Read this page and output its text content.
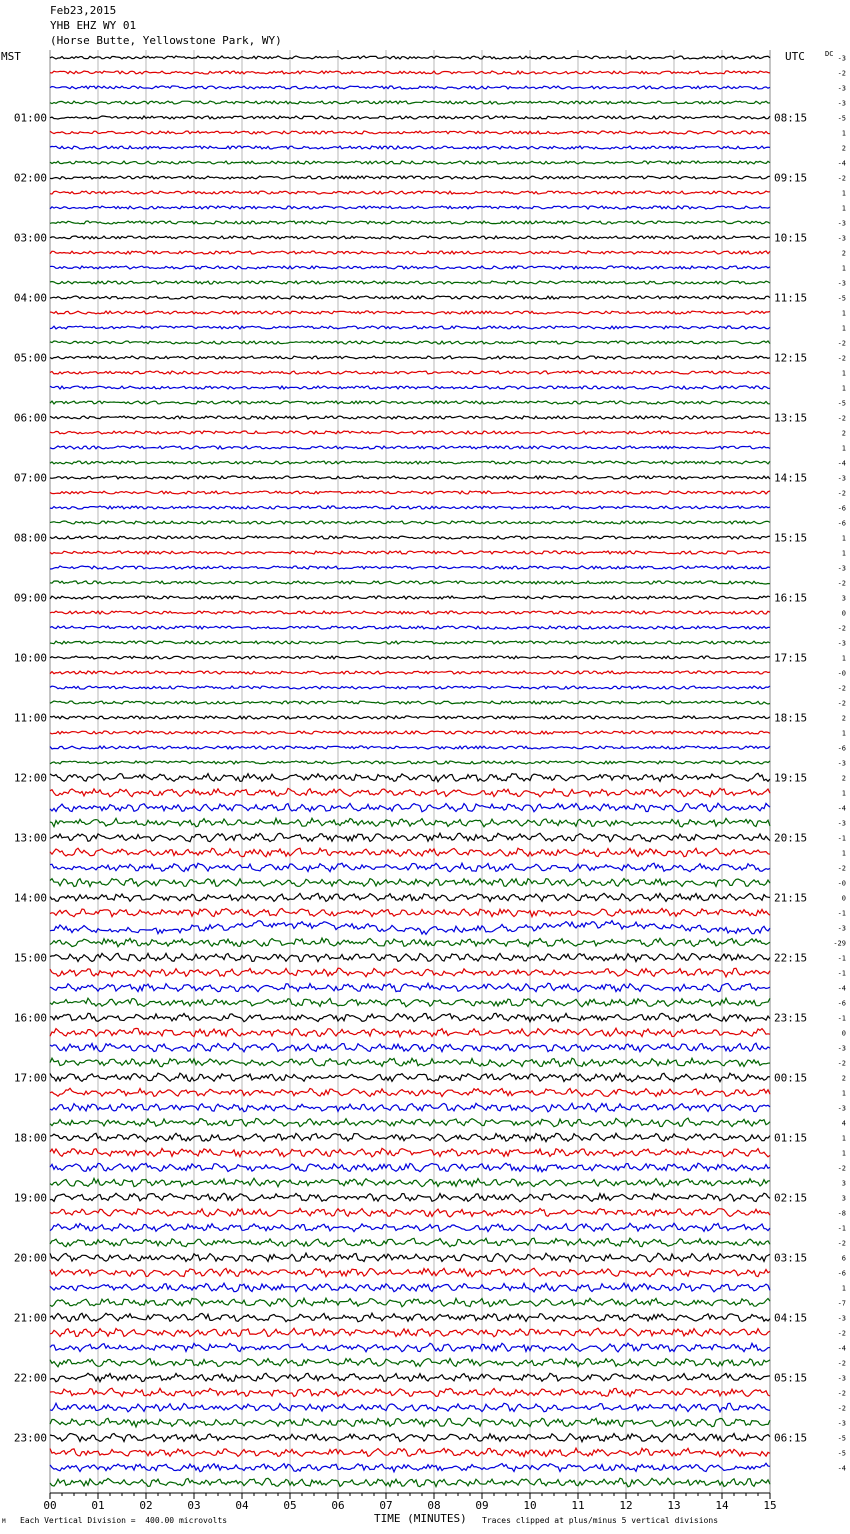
Feb23,2015
YHB EHZ WY 01
(Horse Butte, Yellowstone Park, WY)
MST	UTC	DC
00	01	02	03	04	05	06	07	08	09	10	11	12	13	14	15
-3
-2
-3
-3
-5
1
2
-4
-2
1
1
-3
-3
2
1
-3
-5
1
1
-2
-2
1
1
-5
-2
2
1
-4
-3
-2
-6
-6
1
1
-3
-2
3
0
-2
-3
1
-0
-2
-2
2
1
-6
-3
2
1
-4
-3
-1
1
-2
-0
0
-1
-3
-29
-1
-1
-4
-6
-1
0
-3
-2
2
1
-3
4
1
1
-2
3
3
-8
-1
-2
6
-6
1
-7
-3
-2
-4
-2
-3
-2
-2
-3
-5
-5
-4
01:00
02:00
03:00
04:00
05:00
06:00
07:00
08:00
09:00
10:00
11:00
12:00
13:00
14:00
15:00
16:00
17:00
18:00
19:00
20:00
21:00
22:00
23:00
08:15
09:15
10:15
11:15
12:15
13:15
14:15
15:15
16:15
17:15
18:15
19:15
20:15
21:15
22:15
23:15
00:15
01:15
02:15
03:15
04:15
05:15
06:15
TIME (MINUTES)
M Each Vertical Division =  400.00 microvolts	Traces clipped at plus/minus 5 vertical divisions
